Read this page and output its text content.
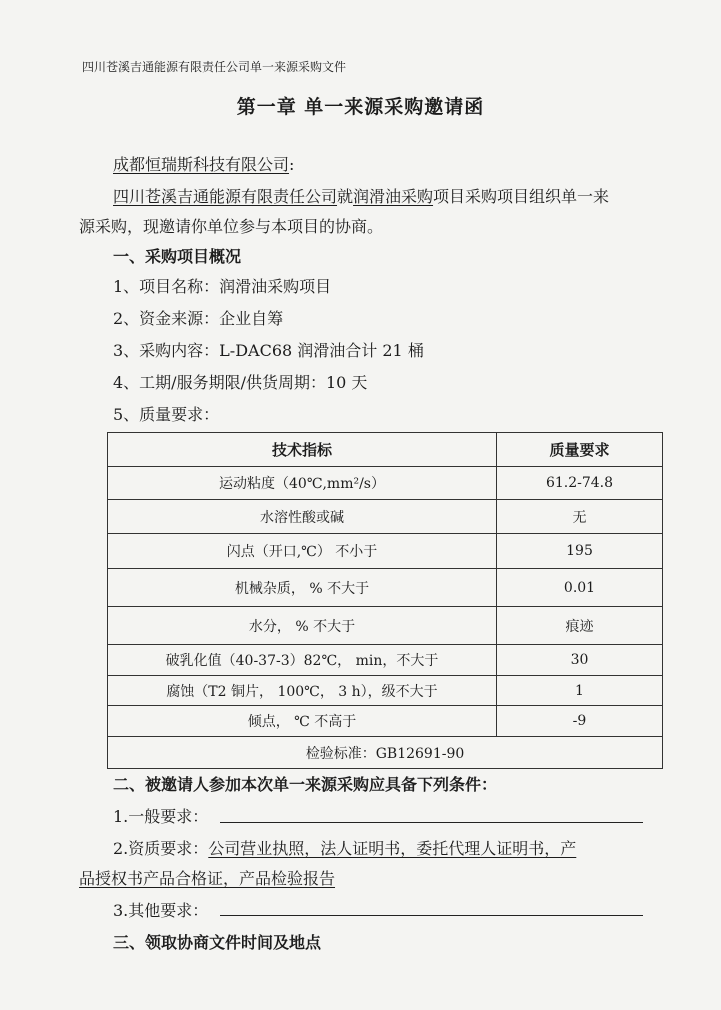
四川苍溪吉通能源有限责任公司单一来源采购文件
第一章 单一来源采购邀请函
成都恒瑞斯科技有限公司:
四川苍溪吉通能源有限责任公司就润滑油采购项目采购项目组织单一来
源采购，现邀请你单位参与本项目的协商。
一、采购项目概况
1、项目名称：润滑油采购项目
2、资金来源：企业自筹
3、采购内容：L-DAC68 润滑油合计 21 桶
4、工期/服务期限/供货周期：10 天
5、质量要求：
技术指标	质量要求
运动粘度（40℃,mm²/s）	61.2-74.8
水溶性酸或碱	无
闪点（开口,℃） 不小于	195
机械杂质， % 不大于	0.01
水分， % 不大于	痕迹
破乳化值（40-37-3）82℃， min，不大于	30
腐蚀（T2 铜片， 100℃， 3 h），级不大于	1
倾点， ℃ 不高于	-9
检验标准：GB12691-90	
二、被邀请人参加本次单一来源采购应具备下列条件：
1.一般要求：
2.资质要求：公司营业执照，法人证明书，委托代理人证明书，产
品授权书产品合格证，产品检验报告
3.其他要求：
三、领取协商文件时间及地点
